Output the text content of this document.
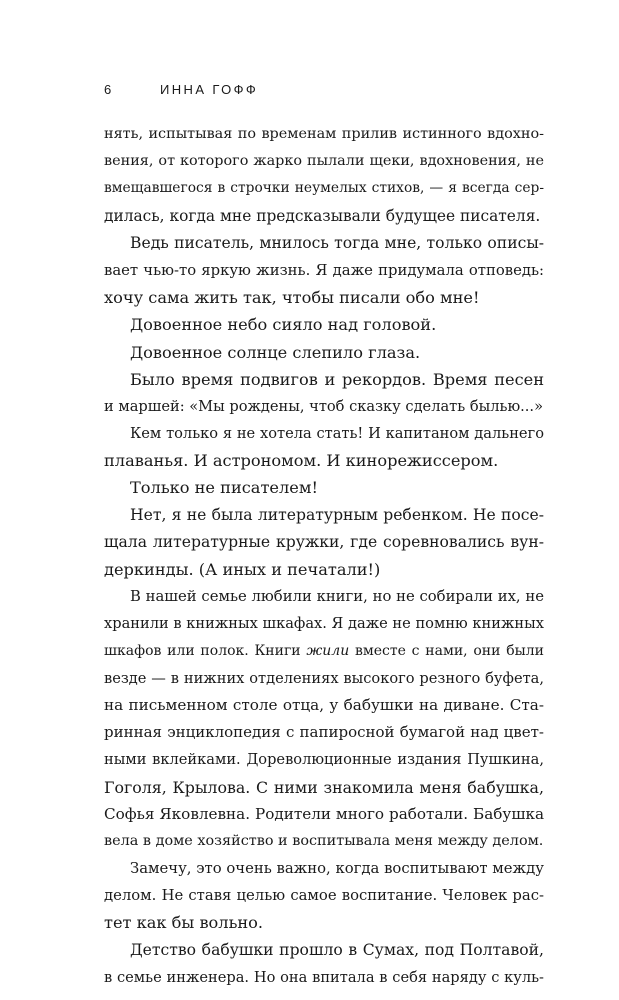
6	ИННА ГОФФ
нять, испытывая по временам прилив истинного вдохно-
вения, от которого жарко пылали щеки, вдохновения, не
вмещавшегося в строчки неумелых стихов, — я всегда сер-
дилась, когда мне предсказывали будущее писателя.
Ведь писатель, мнилось тогда мне, только описы-
вает чью-то яркую жизнь. Я даже придумала отповедь:
хочу сама жить так, чтобы писали обо мне!
Довоенное небо сияло над головой.
Довоенное солнце слепило глаза.
Было время подвигов и рекордов. Время песен
и маршей: «Мы рождены, чтоб сказку сделать былью...»
Кем только я не хотела стать! И капитаном дальнего
плаванья. И астрономом. И кинорежиссером.
Только не писателем!
Нет, я не была литературным ребенком. Не посе-
щала литературные кружки, где соревновались вун-
деркинды. (А иных и печатали!)
В нашей семье любили книги, но не собирали их, не
хранили в книжных шкафах. Я даже не помню книжных
шкафов или полок. Книги жили вместе с нами, они были
везде — в нижних отделениях высокого резного буфета,
на письменном столе отца, у бабушки на диване. Ста-
ринная энциклопедия с папиросной бумагой над цвет-
ными вклейками. Дореволюционные издания Пушкина,
Гоголя, Крылова. С ними знакомила меня бабушка,
Софья Яковлевна. Родители много работали. Бабушка
вела в доме хозяйство и воспитывала меня между делом.
Замечу, это очень важно, когда воспитывают между
делом. Не ставя целью самое воспитание. Человек рас-
тет как бы вольно.
Детство бабушки прошло в Сумах, под Полтавой,
в семье инженера. Но она впитала в себя наряду с куль-
